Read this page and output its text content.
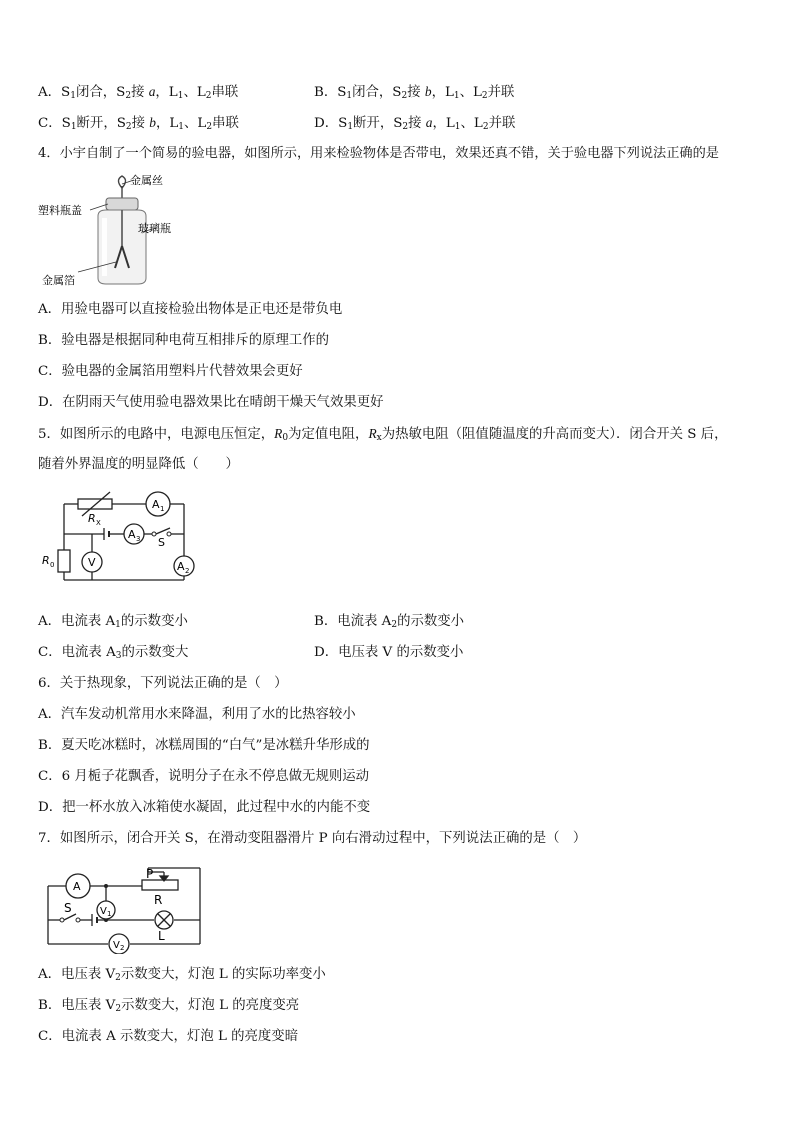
A．$S_1$闭合，$S_2$接 a，$L_1$、$L_2$串联	B．$S_1$闭合，$S_2$接 b，$L_1$、$L_2$并联
C．$S_1$断开，$S_2$接 b，$L_1$、$L_2$串联	D．$S_1$断开，$S_2$接 a，$L_1$、$L_2$并联
4．小宇自制了一个简易的验电器，如图所示，用来检验物体是否带电，效果还真不错，关于验电器下列说法正确的是
金属丝
塑料瓶盖
玻璃瓶
金属箔
A．用验电器可以直接检验出物体是正电还是带负电
B．验电器是根据同种电荷互相排斥的原理工作的
C．验电器的金属箔用塑料片代替效果会更好
D．在阴雨天气使用验电器效果比在晴朗干燥天气效果更好
5．如图所示的电路中，电源电压恒定，$R_0$为定值电阻，$R_x$为热敏电阻（阻值随温度的升高而变大）．闭合开关 S 后，
随着外界温度的明显降低（　　）
A 1
A 3
V	A 2
S
R X
R 0
A．电流表 $A_1$的示数变小	B．电流表 $A_2$的示数变小
C．电流表 $A_3$的示数变大	D．电压表 V 的示数变小
6．关于热现象，下列说法正确的是（　）
A．汽车发动机常用水来降温，利用了水的比热容较小
B．夏天吃冰糕时，冰糕周围的“白气”是冰糕升华形成的
C．6 月栀子花飘香，说明分子在永不停息做无规则运动
D．把一杯水放入冰箱使水凝固，此过程中水的内能不变
7．如图所示，闭合开关 S，在滑动变阻器滑片 P 向右滑动过程中，下列说法正确的是（　）
A
V 1
V 2
P
R
S
L
A．电压表 $V_2$示数变大，灯泡 L 的实际功率变小
B．电压表 $V_2$示数变大，灯泡 L 的亮度变亮
C．电流表 A 示数变大，灯泡 L 的亮度变暗
